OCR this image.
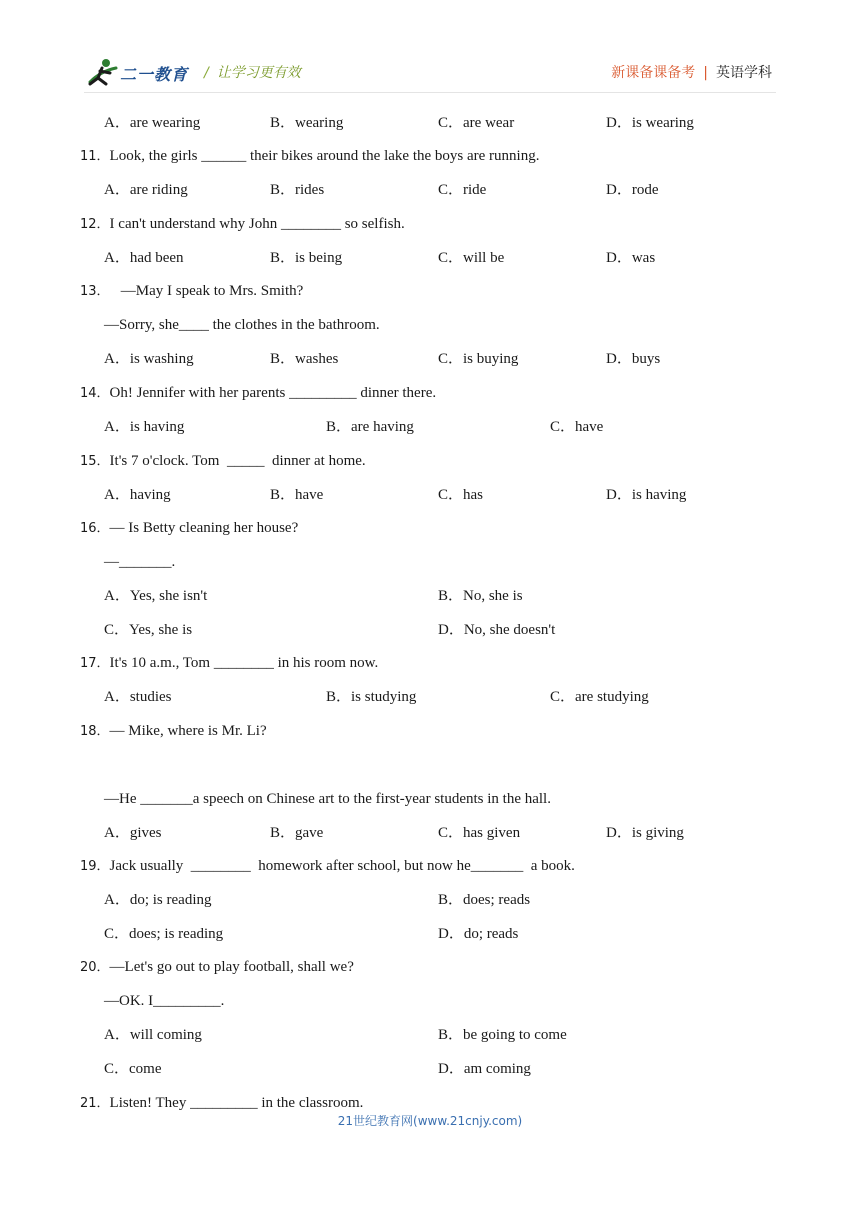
二一教育 / 让学习更有效	新课备课备考 | 英语学科
A．are wearing	B．wearing	C．are wear	D．is wearing
11．Look, the girls ______ their bikes around the lake the boys are running.
A．are riding	B．rides	C．ride	D．rode
12．I can't understand why John ________ so selfish.
A．had been	B．is being	C．will be	D．was
13．   —May I speak to Mrs. Smith?
—Sorry, she____ the clothes in the bathroom.
A．is washing	B．washes	C．is buying	D．buys
14．Oh! Jennifer with her parents _________ dinner there.
A．is having	B．are having	C．have
15．It's 7 o'clock. Tom  _____  dinner at home.
A．having	B．have	C．has	D．is having
16．— Is Betty cleaning her house?
—_______.
A．Yes, she isn't	B．No, she is
C．Yes, she is	D．No, she doesn't
17．It's 10 a.m., Tom ________ in his room now.
A．studies	B．is studying	C．are studying
18．— Mike, where is Mr. Li?
—He _______a speech on Chinese art to the first-year students in the hall.
A．gives	B．gave	C．has given	D．is giving
19．Jack usually  ________  homework after school, but now he_______  a book.
A．do; is reading	B．does; reads
C．does; is reading	D．do; reads
20．—Let's go out to play football, shall we?
—OK. I_________.
A．will coming	B．be going to come
C．come	D．am coming
21．Listen! They _________ in the classroom.
21世纪教育网(www.21cnjy.com)
